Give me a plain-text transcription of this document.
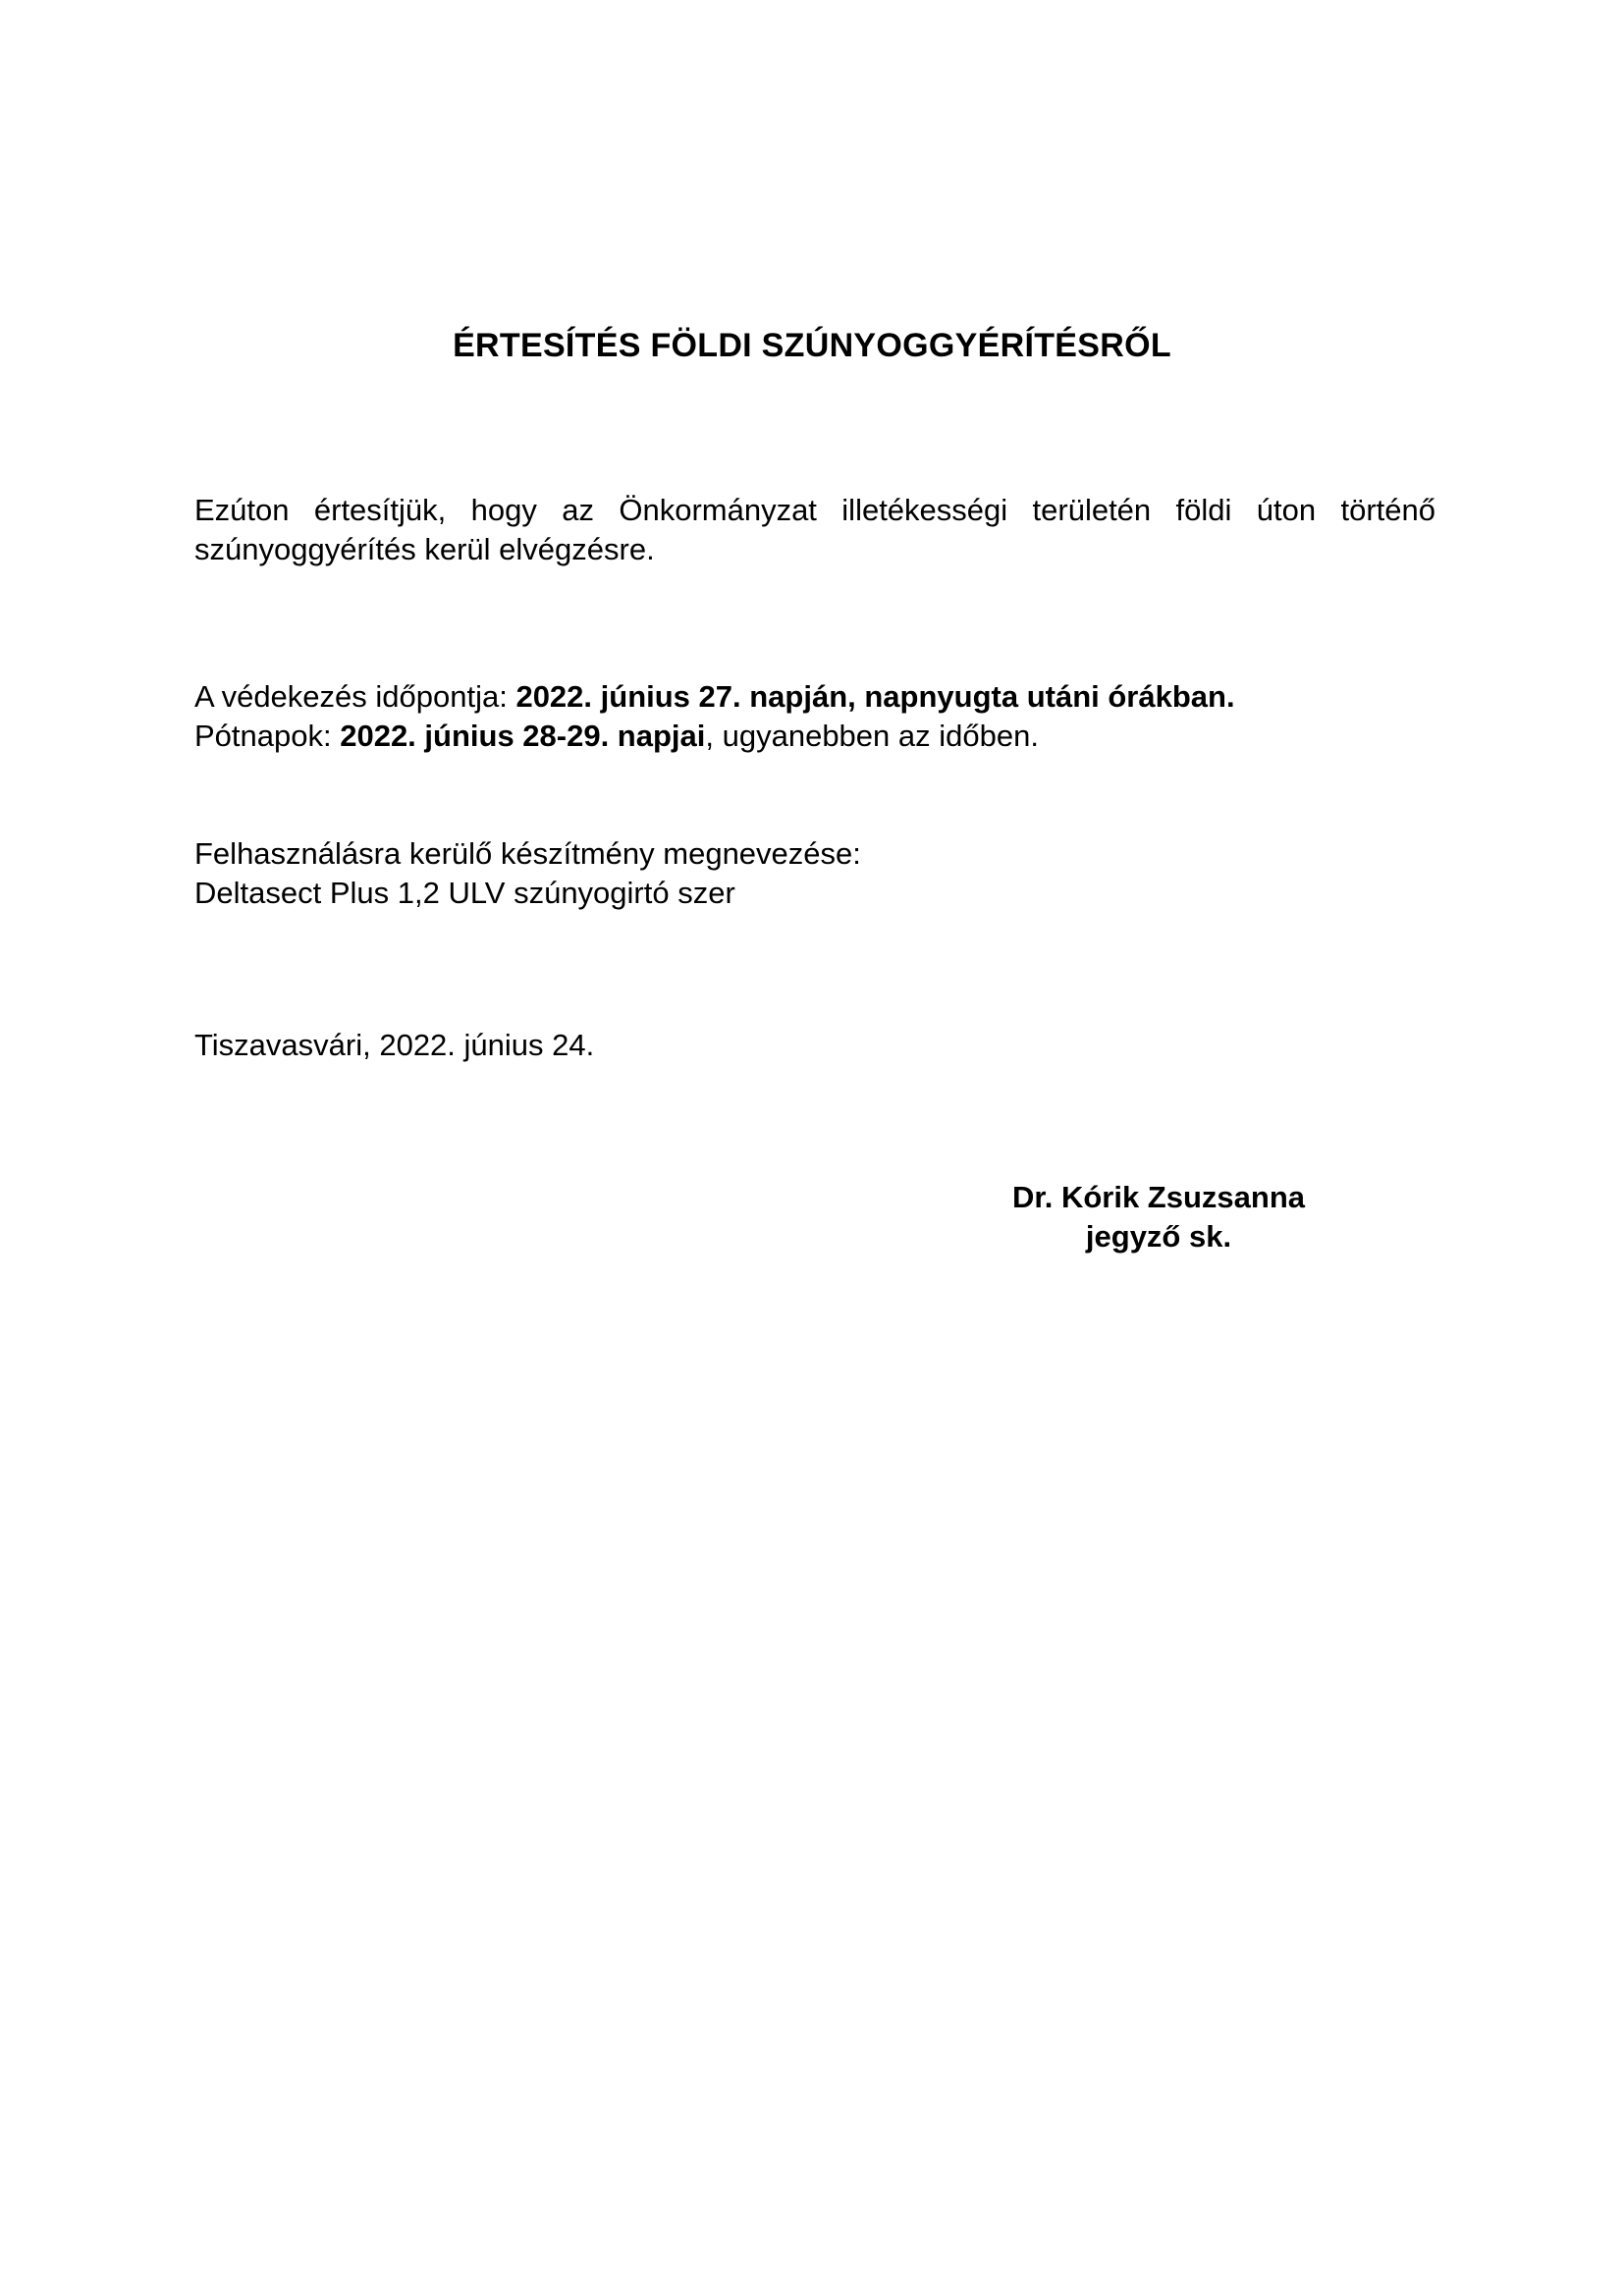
ÉRTESÍTÉS FÖLDI SZÚNYOGGYÉRÍTÉSRŐL
Ezúton értesítjük, hogy az Önkormányzat illetékességi területén földi úton történő
szúnyoggyérítés kerül elvégzésre.
A védekezés időpontja: 2022. június 27. napján, napnyugta utáni órákban.
Pótnapok: 2022. június 28-29. napjai, ugyanebben az időben.
Felhasználásra kerülő készítmény megnevezése:
Deltasect Plus 1,2 ULV szúnyogirtó szer
Tiszavasvári, 2022. június 24.
Dr. Kórik Zsuzsanna
jegyző sk.
